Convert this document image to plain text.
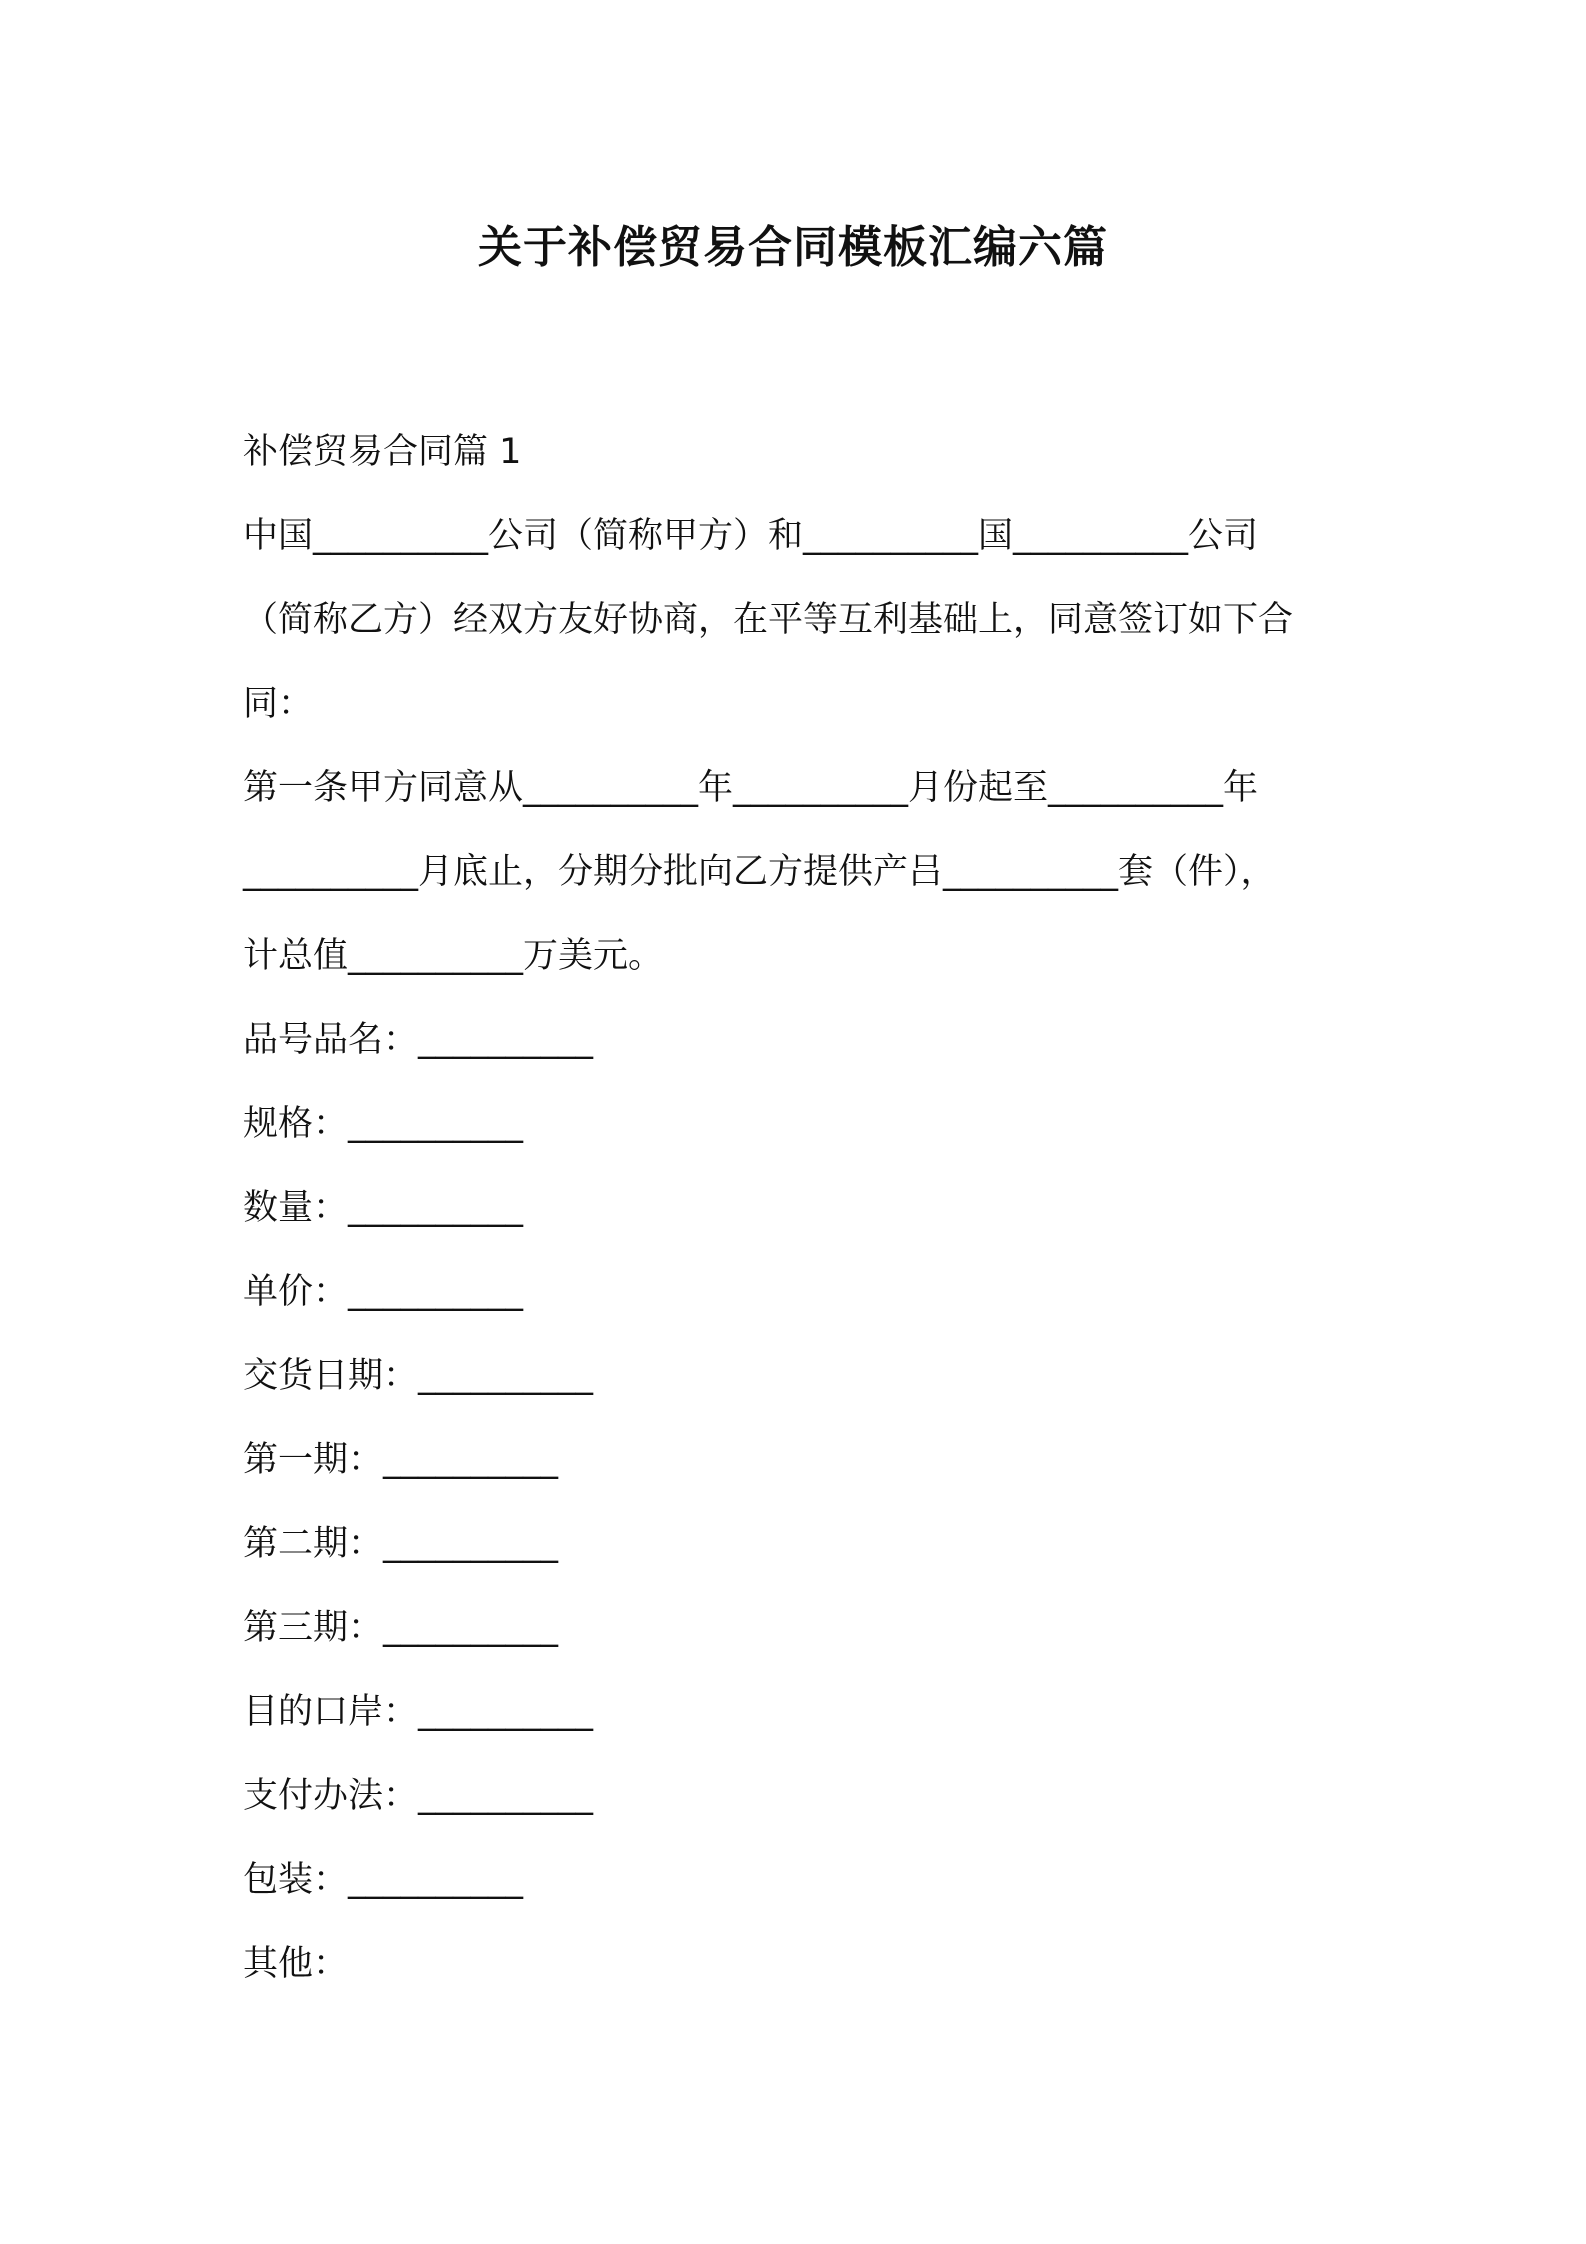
关于补偿贸易合同模板汇编六篇
补偿贸易合同篇 1
中国__________公司（简称甲方）和__________国__________公司
（简称乙方）经双方友好协商，在平等互利基础上，同意签订如下合
同：
第一条甲方同意从__________年__________月份起至__________年
__________月底止，分期分批向乙方提供产吕__________套（件），
计总值__________万美元。
品号品名：__________
规格：__________
数量：__________
单价：__________
交货日期：__________
第一期：__________
第二期：__________
第三期：__________
目的口岸：__________
支付办法：__________
包装：__________
其他：
